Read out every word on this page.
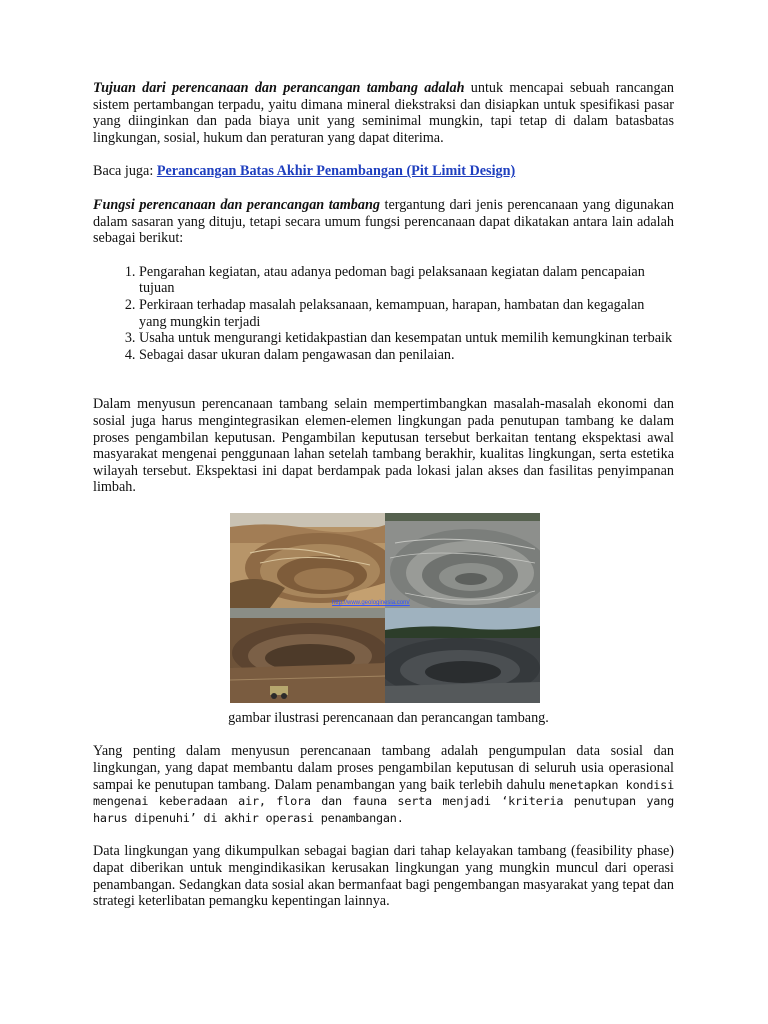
Tujuan dari perencanaan dan perancangan tambang adalah untuk mencapai sebuah rancangan sistem pertambangan terpadu, yaitu dimana mineral diekstraksi dan disiapkan untuk spesifikasi pasar yang diinginkan dan pada biaya unit yang seminimal mungkin, tapi tetap di dalam batasbatas lingkungan, sosial, hukum dan peraturan yang dapat diterima.

Baca juga: Perancangan Batas Akhir Penambangan (Pit Limit Design)

Fungsi perencanaan dan perancangan tambang tergantung dari jenis perencanaan yang digunakan dalam sasaran yang dituju, tetapi secara umum fungsi perencanaan dapat dikatakan antara lain adalah sebagai berikut:

1. Pengarahan kegiatan, atau adanya pedoman bagi pelaksanaan kegiatan dalam pencapaian tujuan
2. Perkiraan terhadap masalah pelaksanaan, kemampuan, harapan, hambatan dan kegagalan yang mungkin terjadi
3. Usaha untuk mengurangi ketidakpastian dan kesempatan untuk memilih kemungkinan terbaik
4. Sebagai dasar ukuran dalam pengawasan dan penilaian.

Dalam menyusun perencanaan tambang selain mempertimbangkan masalah-masalah ekonomi dan sosial juga harus mengintegrasikan elemen-elemen lingkungan pada penutupan tambang ke dalam proses pengambilan keputusan. Pengambilan keputusan tersebut berkaitan tentang ekspektasi awal masyarakat mengenai penggunaan lahan setelah tambang berakhir, kualitas lingkungan, serta estetika wilayah tersebut. Ekspektasi ini dapat berdampak pada lokasi jalan akses dan fasilitas penyimpanan limbah.

http://www.geologinesia.com/

gambar ilustrasi perencanaan dan perancangan tambang.

Yang penting dalam menyusun perencanaan tambang adalah pengumpulan data sosial dan lingkungan, yang dapat membantu dalam proses pengambilan keputusan di seluruh usia operasional sampai ke penutupan tambang. Dalam penambangan yang baik terlebih dahulu menetapkan kondisi mengenai keberadaan air, flora dan fauna serta menjadi ‘kriteria penutupan yang harus dipenuhi’ di akhir operasi penambangan.

Data lingkungan yang dikumpulkan sebagai bagian dari tahap kelayakan tambang (feasibility phase) dapat diberikan untuk mengindikasikan kerusakan lingkungan yang mungkin muncul dari operasi penambangan. Sedangkan data sosial akan bermanfaat bagi pengembangan masyarakat yang tepat dan strategi keterlibatan pemangku kepentingan lainnya.
